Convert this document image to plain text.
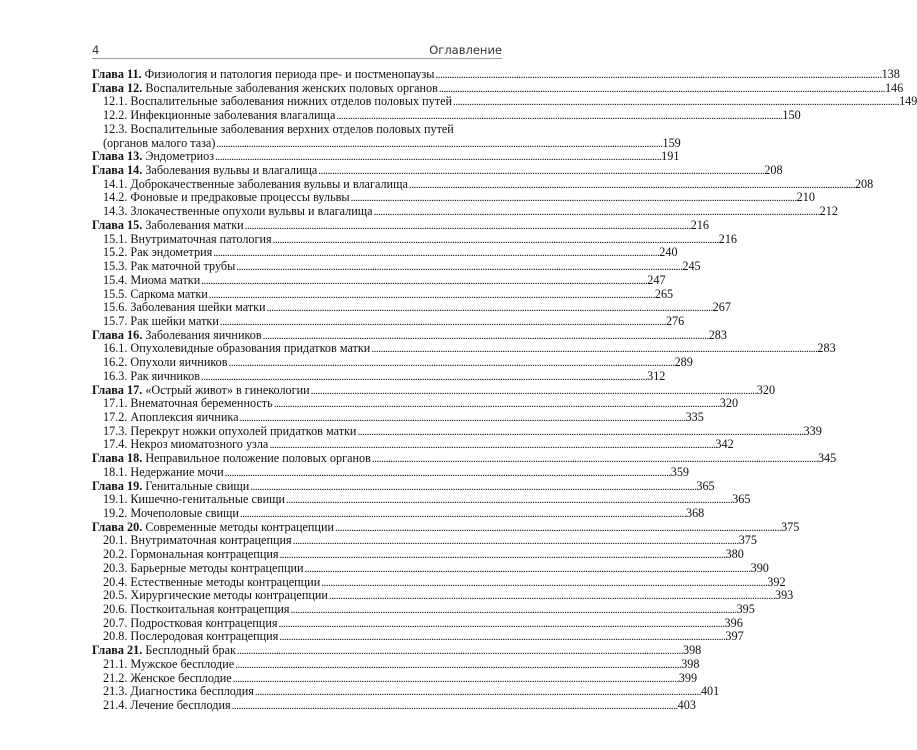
4	Оглавление
Глава 11. Физиология и патология периода пре- и постменопаузы . . .	138
Глава 12. Воспалительные заболевания женских половых органов . . .	146
12.1. Воспалительные заболевания нижних отделов половых путей . . .	149
12.2. Инфекционные заболевания влагалища . . .	150
12.3. Воспалительные заболевания верхних отделов половых путей
(органов малого таза) . . .	159
Глава 13. Эндометриоз . . .	191
Глава 14. Заболевания вульвы и влагалища . . .	208
14.1. Доброкачественные заболевания вульвы и влагалища . . .	208
14.2. Фоновые и предраковые процессы вульвы . . .	210
14.3. Злокачественные опухоли вульвы и влагалища . . .	212
Глава 15. Заболевания матки . . .	216
15.1. Внутриматочная патология . . .	216
15.2. Рак эндометрия . . .	240
15.3. Рак маточной трубы . . .	245
15.4. Миома матки . . .	247
15.5. Саркома матки . . .	265
15.6. Заболевания шейки матки . . .	267
15.7. Рак шейки матки . . .	276
Глава 16. Заболевания яичников . . .	283
16.1. Опухолевидные образования придатков матки . . .	283
16.2. Опухоли яичников . . .	289
16.3. Рак яичников . . .	312
Глава 17. «Острый живот» в гинекологии . . .	320
17.1. Внематочная беременность . . .	320
17.2. Апоплексия яичника . . .	335
17.3. Перекрут ножки опухолей придатков матки . . .	339
17.4. Некроз миоматозного узла . . .	342
Глава 18. Неправильное положение половых органов . . .	345
18.1. Недержание мочи . . .	359
Глава 19. Генитальные свищи . . .	365
19.1. Кишечно-генитальные свищи . . .	365
19.2. Мочеполовые свищи . . .	368
Глава 20. Современные методы контрацепции . . .	375
20.1. Внутриматочная контрацепция . . .	375
20.2. Гормональная контрацепция . . .	380
20.3. Барьерные методы контрацепции . . .	390
20.4. Естественные методы контрацепции . . .	392
20.5. Хирургические методы контрацепции . . .	393
20.6. Посткоитальная контрацепция . . .	395
20.7. Подростковая контрацепция . . .	396
20.8. Послеродовая контрацепция . . .	397
Глава 21. Бесплодный брак . . .	398
21.1. Мужское бесплодие . . .	398
21.2. Женское бесплодие . . .	399
21.3. Диагностика бесплодия . . .	401
21.4. Лечение бесплодия . . .	403
